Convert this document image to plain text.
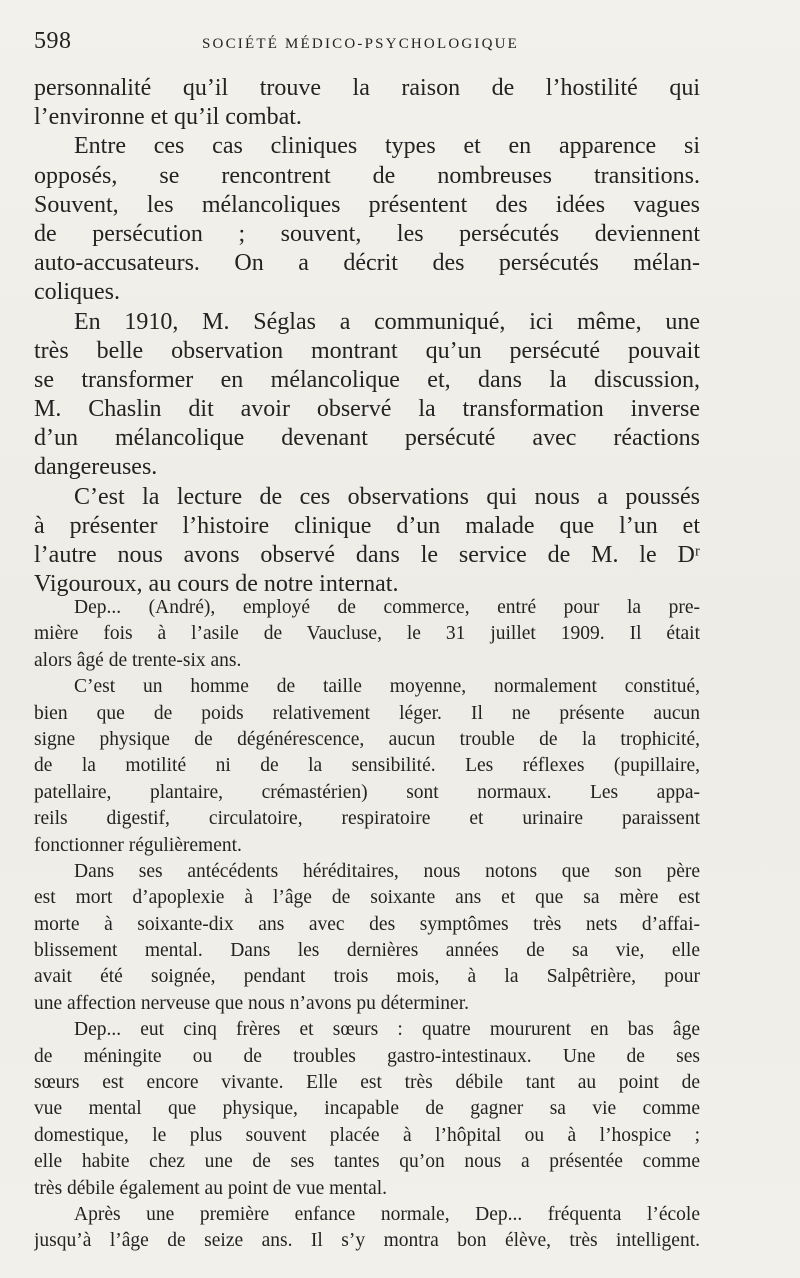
598	SOCIÉTÉ MÉDICO-PSYCHOLOGIQUE
personnalité qu’il trouve la raison de l’hostilité qui
l’environne et qu’il combat.
Entre ces cas cliniques types et en apparence si
opposés, se rencontrent de nombreuses transitions.
Souvent, les mélancoliques présentent des idées vagues
de persécution ; souvent, les persécutés deviennent
auto-accusateurs. On a décrit des persécutés mélan-
coliques.
En 1910, M. Séglas a communiqué, ici même, une
très belle observation montrant qu’un persécuté pouvait
se transformer en mélancolique et, dans la discussion,
M. Chaslin dit avoir observé la transformation inverse
d’un mélancolique devenant persécuté avec réactions
dangereuses.
C’est la lecture de ces observations qui nous a poussés
à présenter l’histoire clinique d’un malade que l’un et
l’autre nous avons observé dans le service de M. le Dʳ
Vigouroux, au cours de notre internat.
Dep... (André), employé de commerce, entré pour la pre-
mière fois à l’asile de Vaucluse, le 31 juillet 1909. Il était
alors âgé de trente-six ans.
C’est un homme de taille moyenne, normalement constitué,
bien que de poids relativement léger. Il ne présente aucun
signe physique de dégénérescence, aucun trouble de la trophicité,
de la motilité ni de la sensibilité. Les réflexes (pupillaire,
patellaire, plantaire, crémastérien) sont normaux. Les appa-
reils digestif, circulatoire, respiratoire et urinaire paraissent
fonctionner régulièrement.
Dans ses antécédents héréditaires, nous notons que son père
est mort d’apoplexie à l’âge de soixante ans et que sa mère est
morte à soixante-dix ans avec des symptômes très nets d’affai-
blissement mental. Dans les dernières années de sa vie, elle
avait été soignée, pendant trois mois, à la Salpêtrière, pour
une affection nerveuse que nous n’avons pu déterminer.
Dep... eut cinq frères et sœurs : quatre moururent en bas âge
de méningite ou de troubles gastro-intestinaux. Une de ses
sœurs est encore vivante. Elle est très débile tant au point de
vue mental que physique, incapable de gagner sa vie comme
domestique, le plus souvent placée à l’hôpital ou à l’hospice ;
elle habite chez une de ses tantes qu’on nous a présentée comme
très débile également au point de vue mental.
Après une première enfance normale, Dep... fréquenta l’école
jusqu’à l’âge de seize ans. Il s’y montra bon élève, très intelligent.
